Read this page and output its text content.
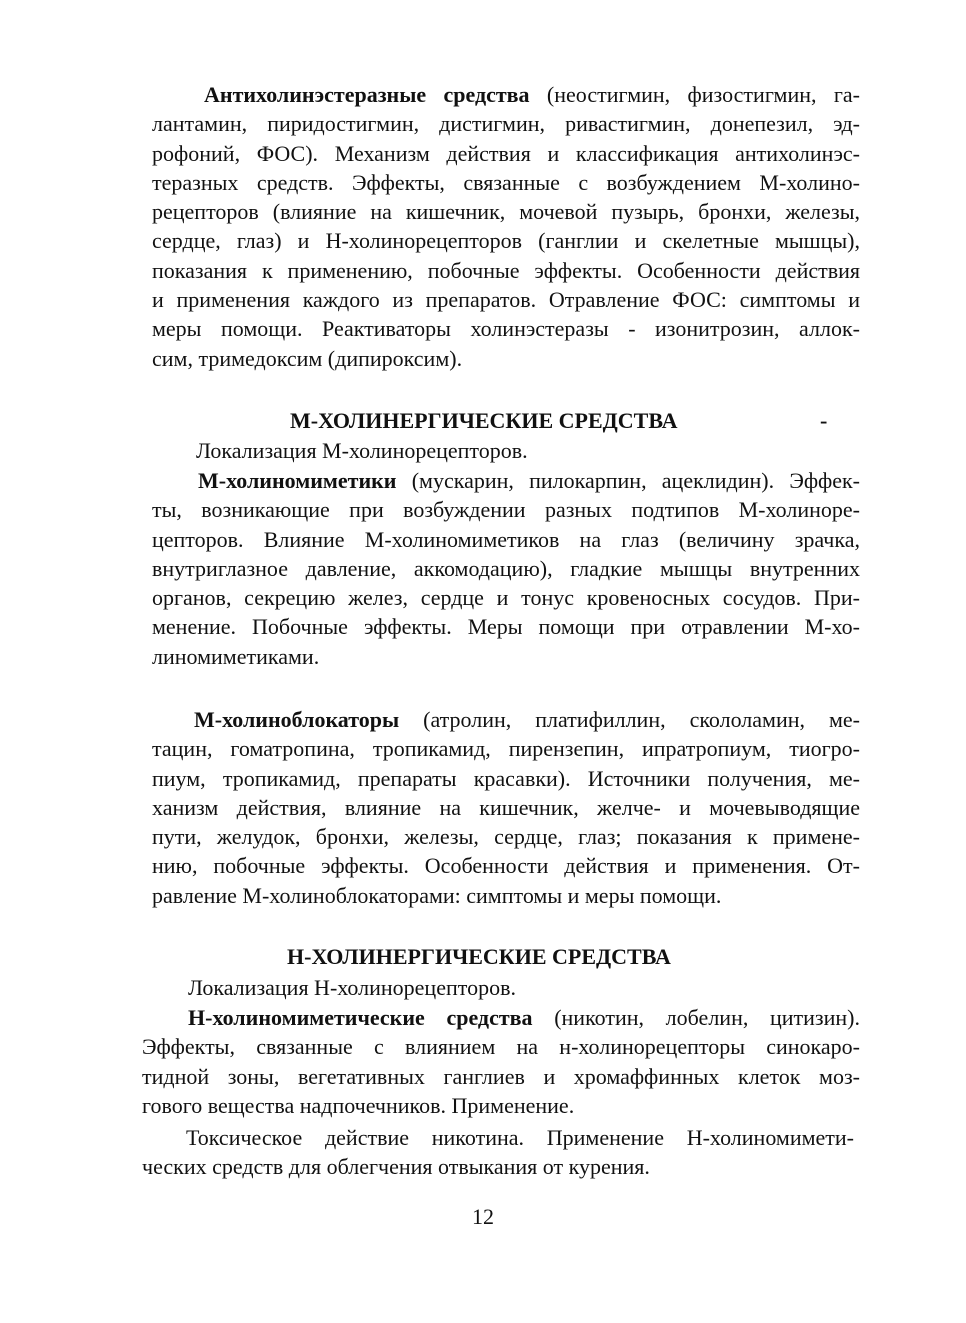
Антихолинэстеразные средства (неостигмин, физостигмин, га-
лантамин, пиридостигмин, дистигмин, ривастигмин, донепезил, эд-
рофоний, ФОС). Механизм действия и классификация антихолинэс-
теразных средств. Эффекты, связанные с возбуждением М-холино-
рецепторов (влияние на кишечник, мочевой пузырь, бронхи, железы,
сердце, глаз) и Н-холинорецепторов (ганглии и скелетные мышцы),
показания к применению, побочные эффекты. Особенности действия
и применения каждого из препаратов. Отравление ФОС: симптомы и
меры помощи. Реактиваторы холинэстеразы - изонитрозин, аллок-
сим, тримедоксим (дипироксим).
М-ХОЛИНЕРГИЧЕСКИЕ СРЕДСТВА	-
Локализация М-холинорецепторов.
М-холиномиметики (мускарин, пилокарпин, ацеклидин). Эффек-
ты, возникающие при возбуждении разных подтипов М-холиноре-
цепторов. Влияние М-холиномиметиков на глаз (величину зрачка,
внутриглазное давление, аккомодацию), гладкие мышцы внутренних
органов, секрецию желез, сердце и тонус кровеносных сосудов. При-
менение. Побочные эффекты. Меры помощи при отравлении М-хо-
линомиметиками.
М-холиноблокаторы (атролин, платифиллин, скололамин, ме-
тацин, гоматропина, тропикамид, пирензепин, ипратропиум, тиогро-
пиум, тропикамид, препараты красавки). Источники получения, ме-
ханизм действия, влияние на кишечник, желче- и мочевыводящие
пути, желудок, бронхи, железы, сердце, глаз; показания к примене-
нию, побочные эффекты. Особенности действия и применения. От-
равление М-холиноблокаторами: симптомы и меры помощи.
Н-ХОЛИНЕРГИЧЕСКИЕ СРЕДСТВА
Локализация Н-холинорецепторов.
Н-холиномиметические средства (никотин, лобелин, цитизин).
Эффекты, связанные с влиянием на н-холинорецепторы синокаро-
тидной зоны, вегетативных ганглиев и хромаффинных клеток моз-
гового вещества надпочечников. Применение.
Токсическое действие никотина. Применение Н-холиномимети-
ческих средств для облегчения отвыкания от курения.
12
